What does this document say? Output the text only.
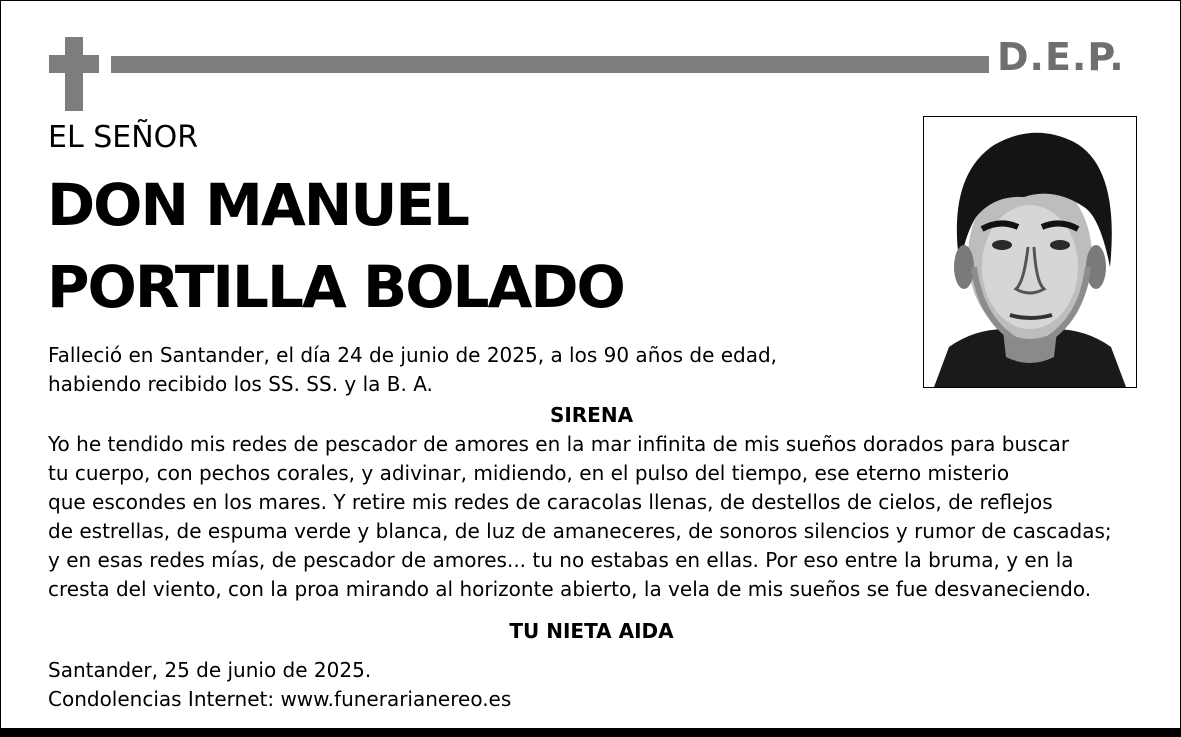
D.E.P.
EL SEÑOR
DON MANUEL
PORTILLA BOLADO
Falleció en Santander, el día 24 de junio de 2025, a los 90 años de edad,
habiendo recibido los SS. SS. y la B. A.
SIRENA
Yo he tendido mis redes de pescador de amores en la mar infinita de mis sueños dorados para buscar
tu cuerpo, con pechos corales, y adivinar, midiendo, en el pulso del tiempo, ese eterno misterio
que escondes en los mares. Y retire mis redes de caracolas llenas, de destellos de cielos, de reflejos
de estrellas, de espuma verde y blanca, de luz de amaneceres, de sonoros silencios y rumor de cascadas;
y en esas redes mías, de pescador de amores... tu no estabas en ellas. Por eso entre la bruma, y en la
cresta del viento, con la proa mirando al horizonte abierto, la vela de mis sueños se fue desvaneciendo.
TU NIETA AIDA
Santander, 25 de junio de 2025.
Condolencias Internet: www.funerarianereo.es
